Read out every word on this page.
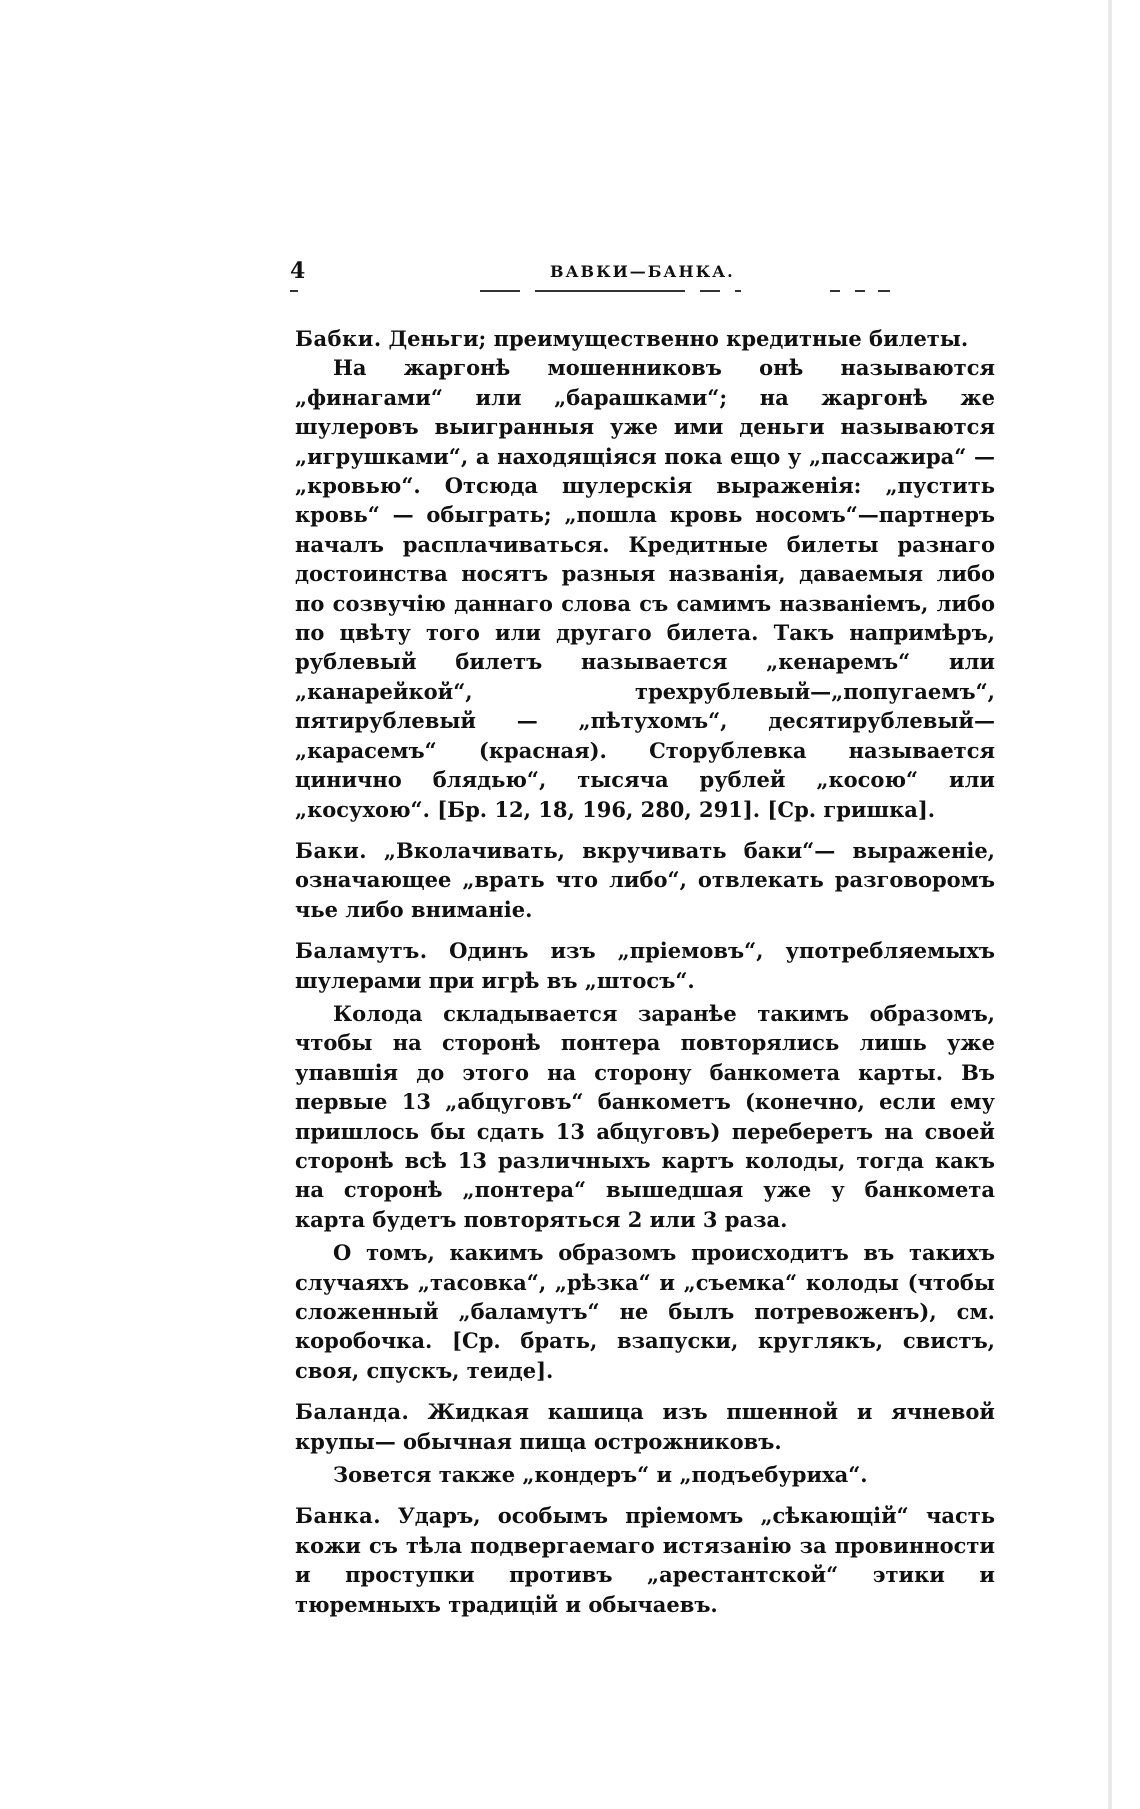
4	ВАВКИ—БАНКА.

Бабки. Деньги; преимущественно кредитные билеты.

На жаргонѣ мошенниковъ онѣ называются „финагами“ или „барашками“; на жаргонѣ же шулеровъ выигранныя уже ими деньги называются „игрушками“, а находящіяся пока ещо у „пассажира“ — „кровью“. Отсюда шулерскія выраженія: „пустить кровь“ — обыграть; „пошла кровь носомъ“—партнеръ началъ расплачиваться. Кредитные билеты разнаго достоинства носятъ разныя названія, даваемыя либо по созвучію даннаго слова съ самимъ названіемъ, либо по цвѣту того или другаго билета. Такъ напримѣръ, рублевый билетъ называется „кенаремъ“ или „канарейкой“, трехрублевый—„попугаемъ“, пятирублевый — „пѣтухомъ“, десятирублевый—„карасемъ“ (красная). Сторублевка называется цинично блядью“, тысяча рублей „косою“ или „косухою“. [Бр. 12, 18, 196, 280, 291]. [Ср. гришка].

Баки. „Вколачивать, вкручивать баки“— выраженіе, означающее „врать что либо“, отвлекать разговоромъ чье либо вниманіе.

Баламутъ. Одинъ изъ „пріемовъ“, употребляемыхъ шулерами при игрѣ въ „штосъ“.

Колода складывается заранѣе такимъ образомъ, чтобы на сторонѣ понтера повторялись лишь уже упавшія до этого на сторону банкомета карты. Въ первые 13 „абцуговъ“ банкометъ (конечно, если ему пришлось бы сдать 13 абцуговъ) переберетъ на своей сторонѣ всѣ 13 различныхъ картъ колоды, тогда какъ на сторонѣ „понтера“ вышедшая уже у банкомета карта будетъ повторяться 2 или 3 раза.

О томъ, какимъ образомъ происходитъ въ такихъ случаяхъ „тасовка“, „рѣзка“ и „съемка“ колоды (чтобы сложенный „баламутъ“ не былъ потревоженъ), см. коробочка. [Ср. брать, взапуски, круглякъ, свистъ, своя, спускъ, теидe].

Баланда. Жидкая кашица изъ пшенной и ячневой крупы— обычная пища острожниковъ.

Зовется также „кондеръ“ и „подъебуриха“.

Банка. Ударъ, особымъ пріемомъ „сѣкающій“ часть кожи съ тѣла подвергаемаго истязанію за провинности и проступки противъ „арестантской“ этики и тюремныхъ традицій и обычаевъ.
